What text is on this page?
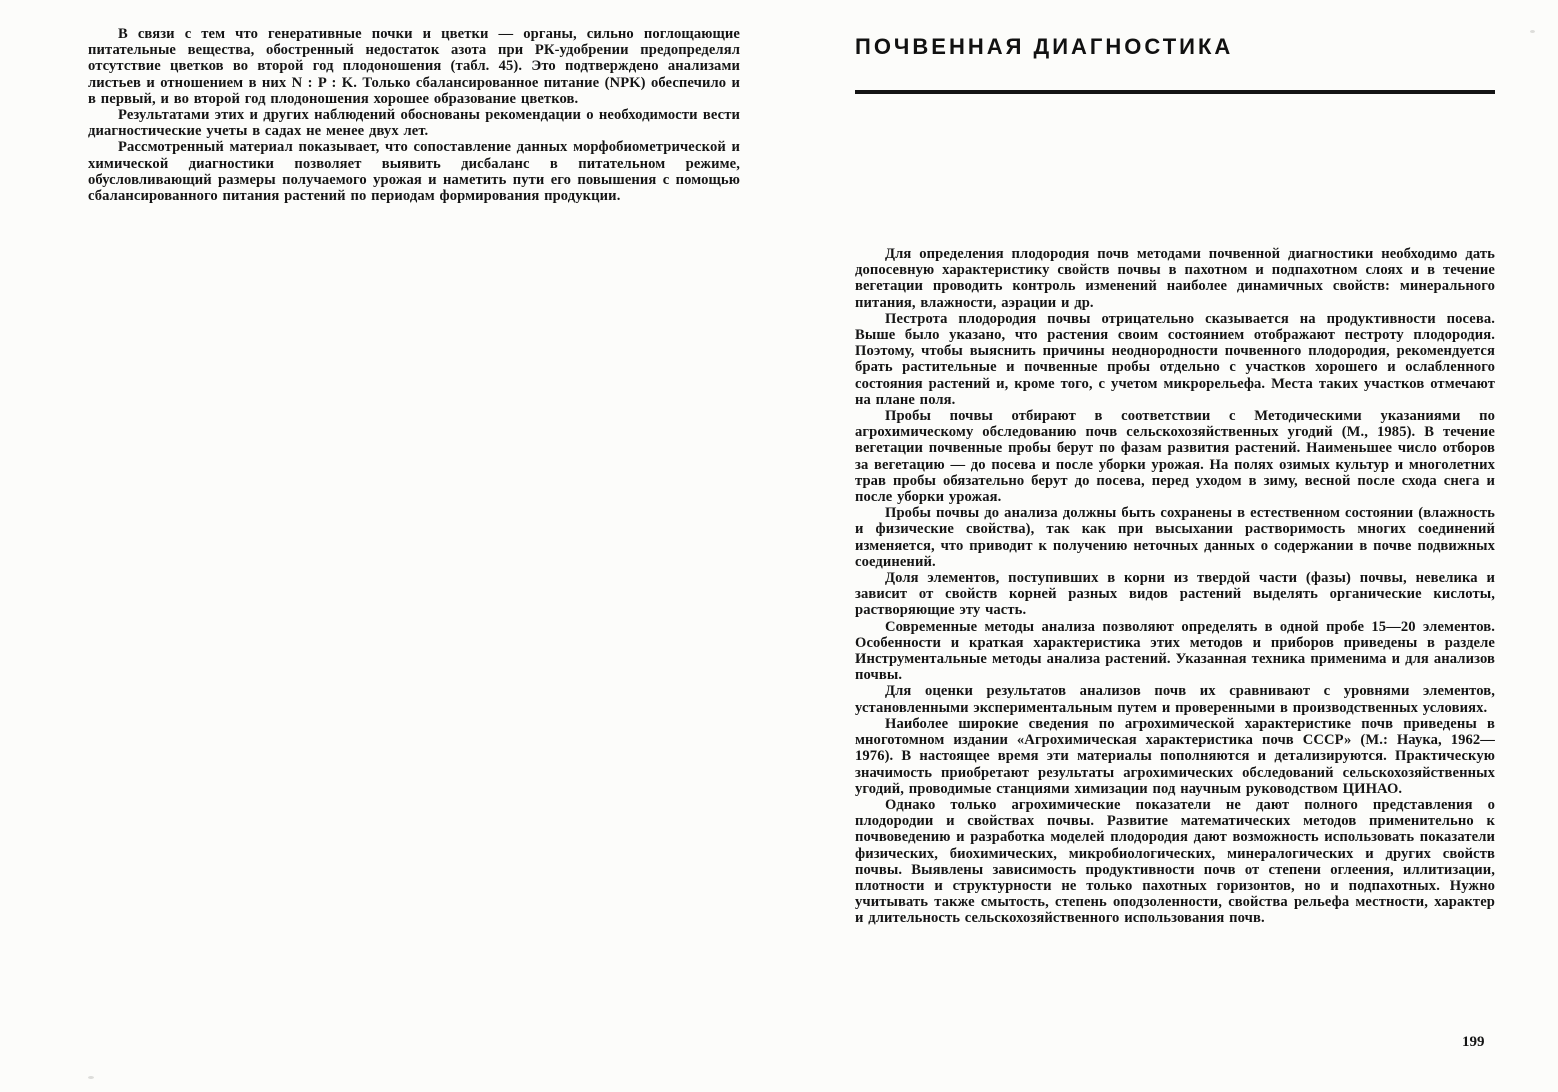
В связи с тем что генеративные почки и цветки — органы, сильно поглощающие питательные вещества, обостренный недостаток азота при РК-удобрении предопределял отсутствие цветков во второй год плодоношения (табл. 45). Это подтверждено анализами листьев и отношением в них N : P : K. Только сбалансированное питание (NPK) обеспечило и в первый, и во второй год плодоношения хорошее образование цветков.

Результатами этих и других наблюдений обоснованы рекомендации о необходимости вести диагностические учеты в садах не менее двух лет.

Рассмотренный материал показывает, что сопоставление данных морфобиометрической и химической диагностики позволяет выявить дисбаланс в питательном режиме, обусловливающий размеры получаемого урожая и наметить пути его повышения с помощью сбалансированного питания растений по периодам формирования продукции.

ПОЧВЕННАЯ ДИАГНОСТИКА

Для определения плодородия почв методами почвенной диагностики необходимо дать допосевную характеристику свойств почвы в пахотном и подпахотном слоях и в течение вегетации проводить контроль изменений наиболее динамичных свойств: минерального питания, влажности, аэрации и др.

Пестрота плодородия почвы отрицательно сказывается на продуктивности посева. Выше было указано, что растения своим состоянием отображают пестроту плодородия. Поэтому, чтобы выяснить причины неоднородности почвенного плодородия, рекомендуется брать растительные и почвенные пробы отдельно с участков хорошего и ослабленного состояния растений и, кроме того, с учетом микрорельефа. Места таких участков отмечают на плане поля.

Пробы почвы отбирают в соответствии с Методическими указаниями по агрохимическому обследованию почв сельскохозяйственных угодий (М., 1985). В течение вегетации почвенные пробы берут по фазам развития растений. Наименьшее число отборов за вегетацию — до посева и после уборки урожая. На полях озимых культур и многолетних трав пробы обязательно берут до посева, перед уходом в зиму, весной после схода снега и после уборки урожая.

Пробы почвы до анализа должны быть сохранены в естественном состоянии (влажность и физические свойства), так как при высыхании растворимость многих соединений изменяется, что приводит к получению неточных данных о содержании в почве подвижных соединений.

Доля элементов, поступивших в корни из твердой части (фазы) почвы, невелика и зависит от свойств корней разных видов растений выделять органические кислоты, растворяющие эту часть.

Современные методы анализа позволяют определять в одной пробе 15—20 элементов. Особенности и краткая характеристика этих методов и приборов приведены в разделе Инструментальные методы анализа растений. Указанная техника применима и для анализов почвы.

Для оценки результатов анализов почв их сравнивают с уровнями элементов, установленными экспериментальным путем и проверенными в производственных условиях.

Наиболее широкие сведения по агрохимической характеристике почв приведены в многотомном издании «Агрохимическая характеристика почв СССР» (М.: Наука, 1962—1976). В настоящее время эти материалы пополняются и детализируются. Практическую значимость приобретают результаты агрохимических обследований сельскохозяйственных угодий, проводимые станциями химизации под научным руководством ЦИНАО.

Однако только агрохимические показатели не дают полного представления о плодородии и свойствах почвы. Развитие математических методов применительно к почвоведению и разработка моделей плодородия дают возможность использовать показатели физических, биохимических, микробиологических, минералогических и других свойств почвы. Выявлены зависимость продуктивности почв от степени оглеения, иллитизации, плотности и структурности не только пахотных горизонтов, но и подпахотных. Нужно учитывать также смытость, степень оподзоленности, свойства рельефа местности, характер и длительность сельскохозяйственного использования почв.

199
